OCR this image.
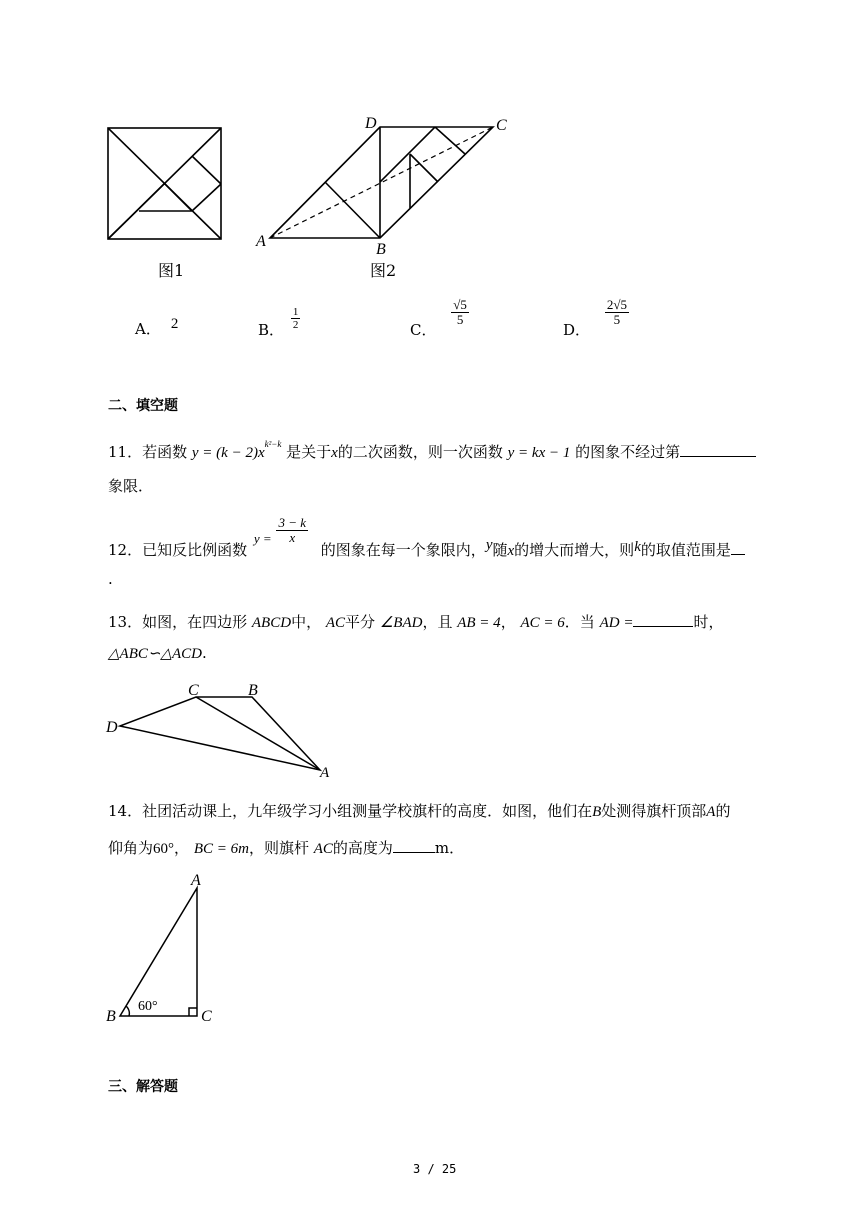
图1
D	C
A	B
图2
A． 2	B． $\frac{1}{2}$	C．
$\frac{√5}{5}$
D．
$\frac{2√5}{5}$
二、填空题
11．若函数 $y = (k - 2)x^{k^2-k}$ 是关于x的二次函数，则一次函数 y = kx − 1 的图象不经过第
象限．
12．已知反比例函数 $y = \frac{3 - k}{x}$
的图象在每一个象限内，y随x的增大而增大，则k的取值范围是
.
13．如图，在四边形 ABCD中， AC平分 ∠BAD，且 AB = 4， AC = 6．当 AD =	时，
△ABC∽△ACD.
C	B
D
A
14．社团活动课上，九年级学习小组测量学校旗杆的高度．如图，他们在B处测得旗杆顶部A的
仰角为60°， BC = 6m，则旗杆 AC的高度为	m．
A
B	C
60°
三、解答题
3 / 25
